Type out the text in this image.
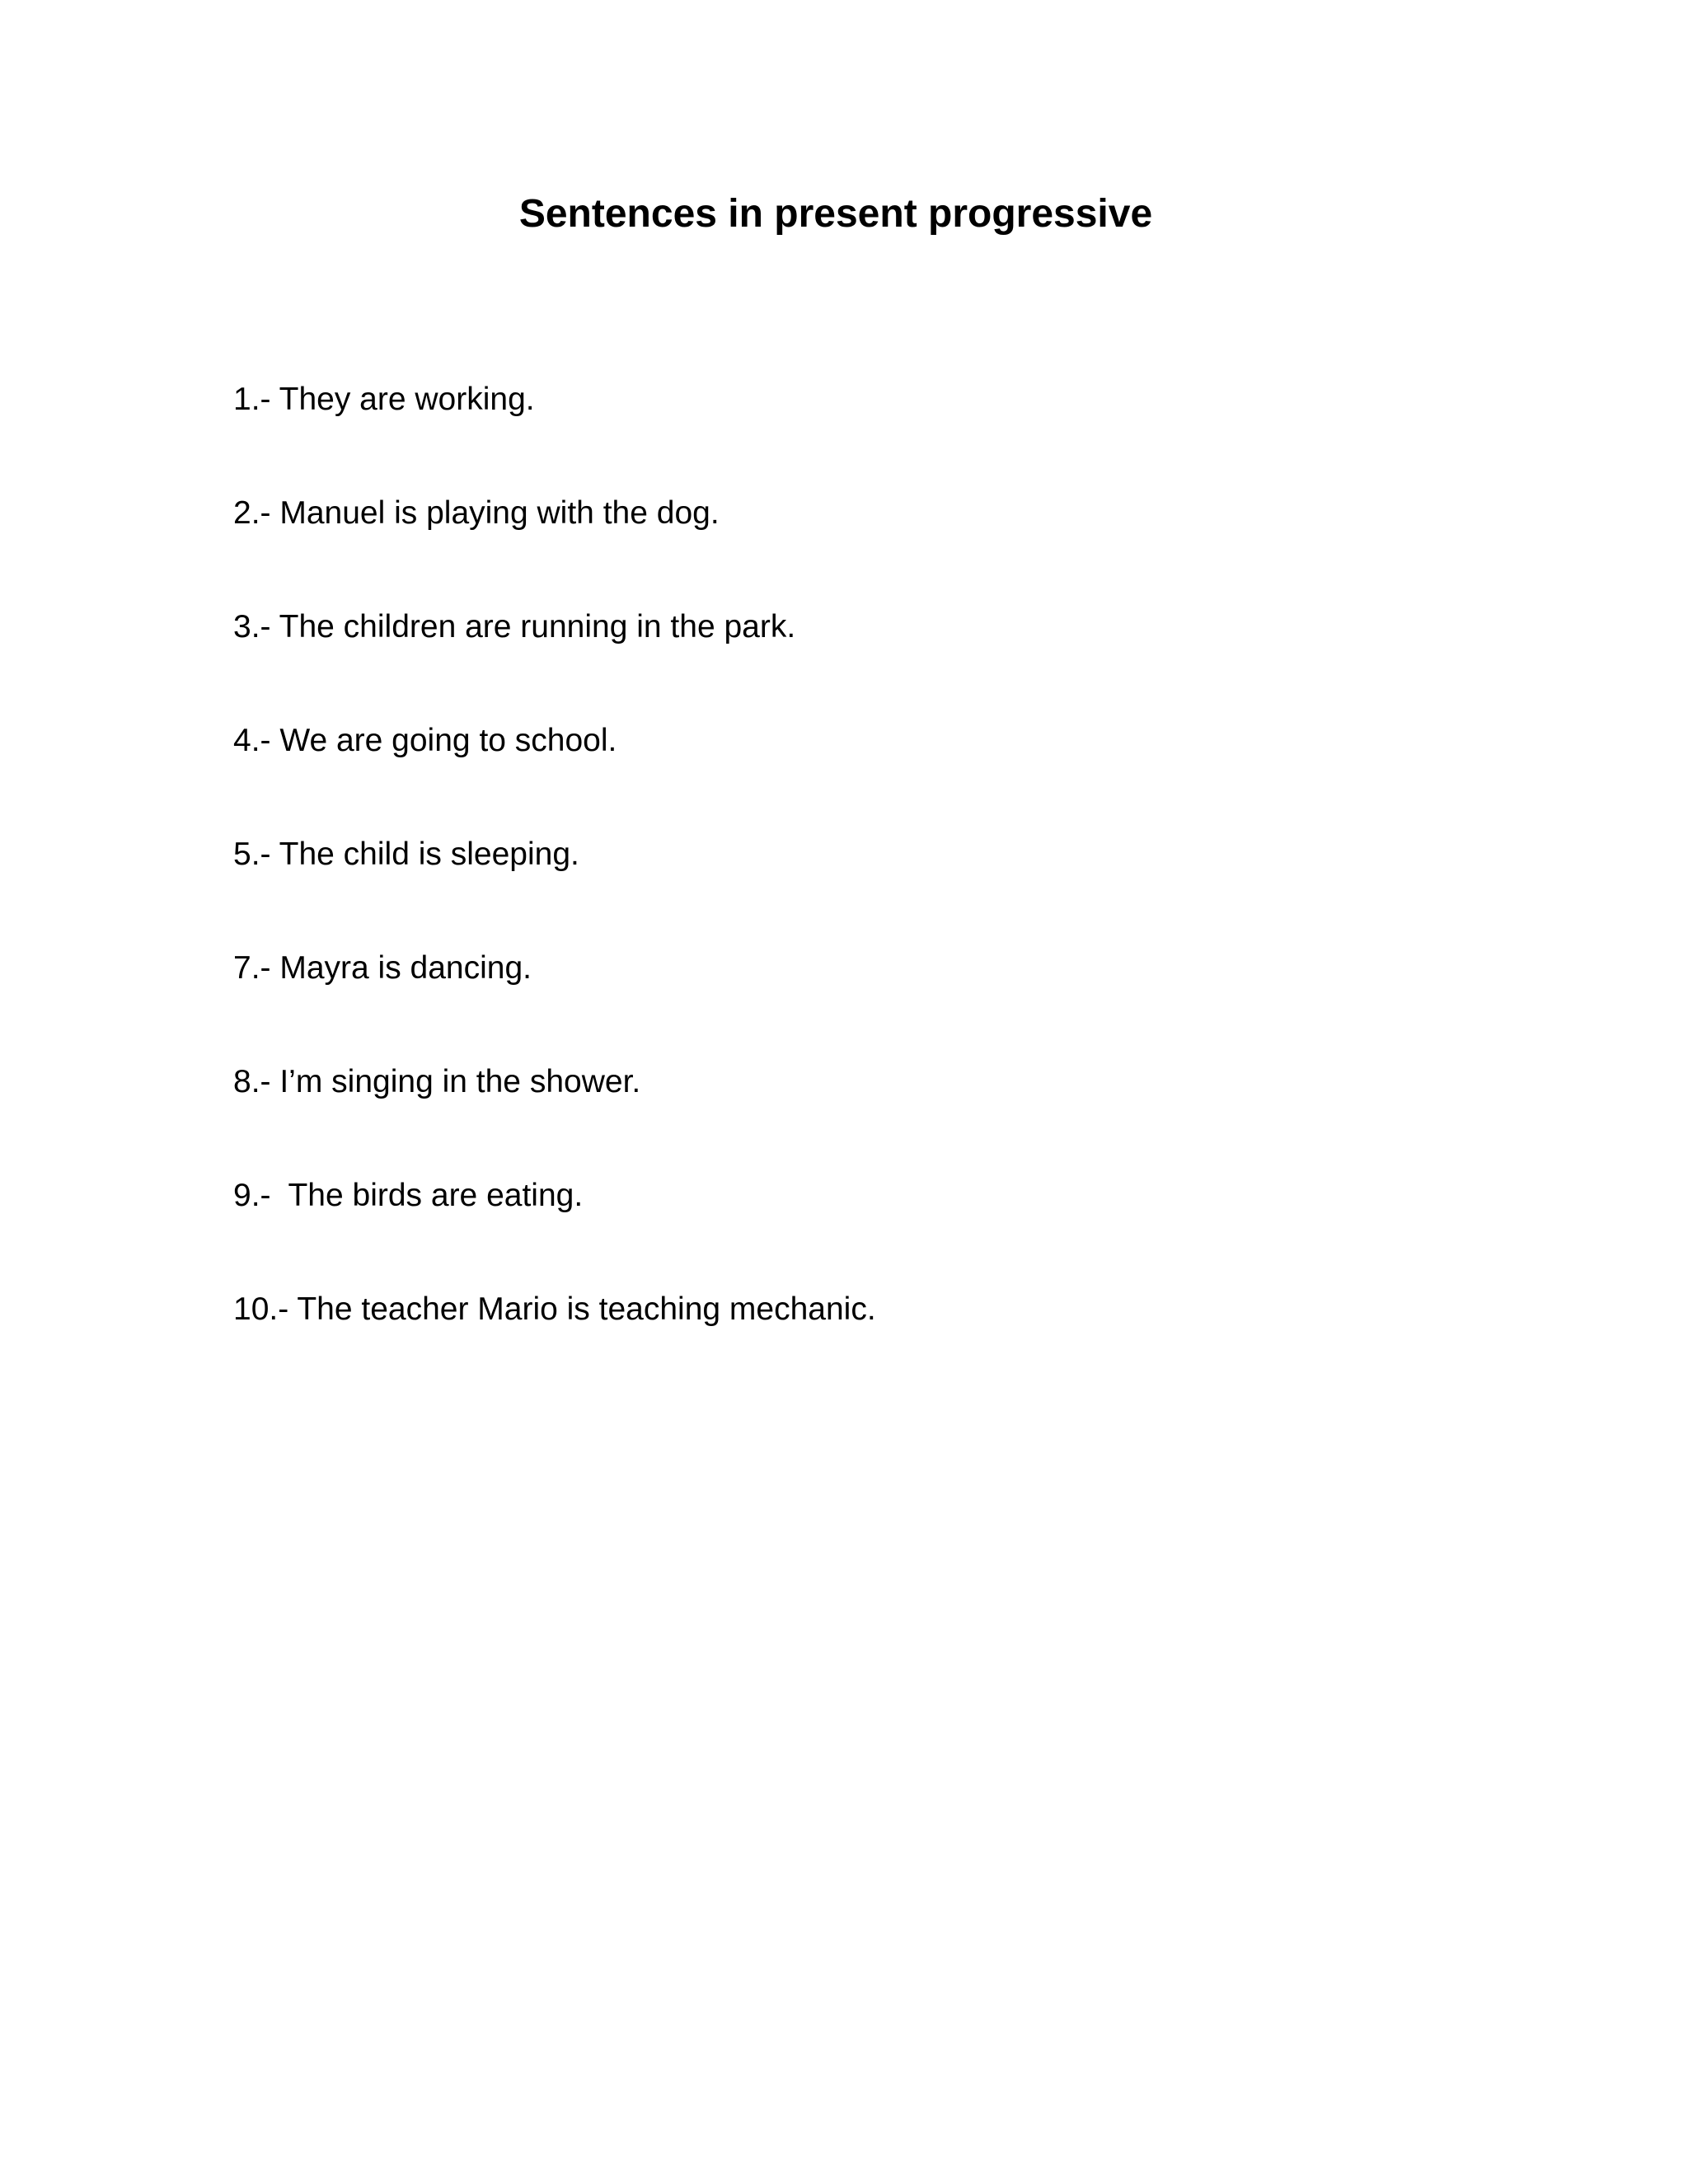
Sentences in present progressive
1.- They are working.
2.- Manuel is playing with the dog.
3.- The children are running in the park.
4.- We are going to school.
5.- The child is sleeping.
7.- Mayra is dancing.
8.- I’m singing in the shower.
9.-  The birds are eating.
10.- The teacher Mario is teaching mechanic.
